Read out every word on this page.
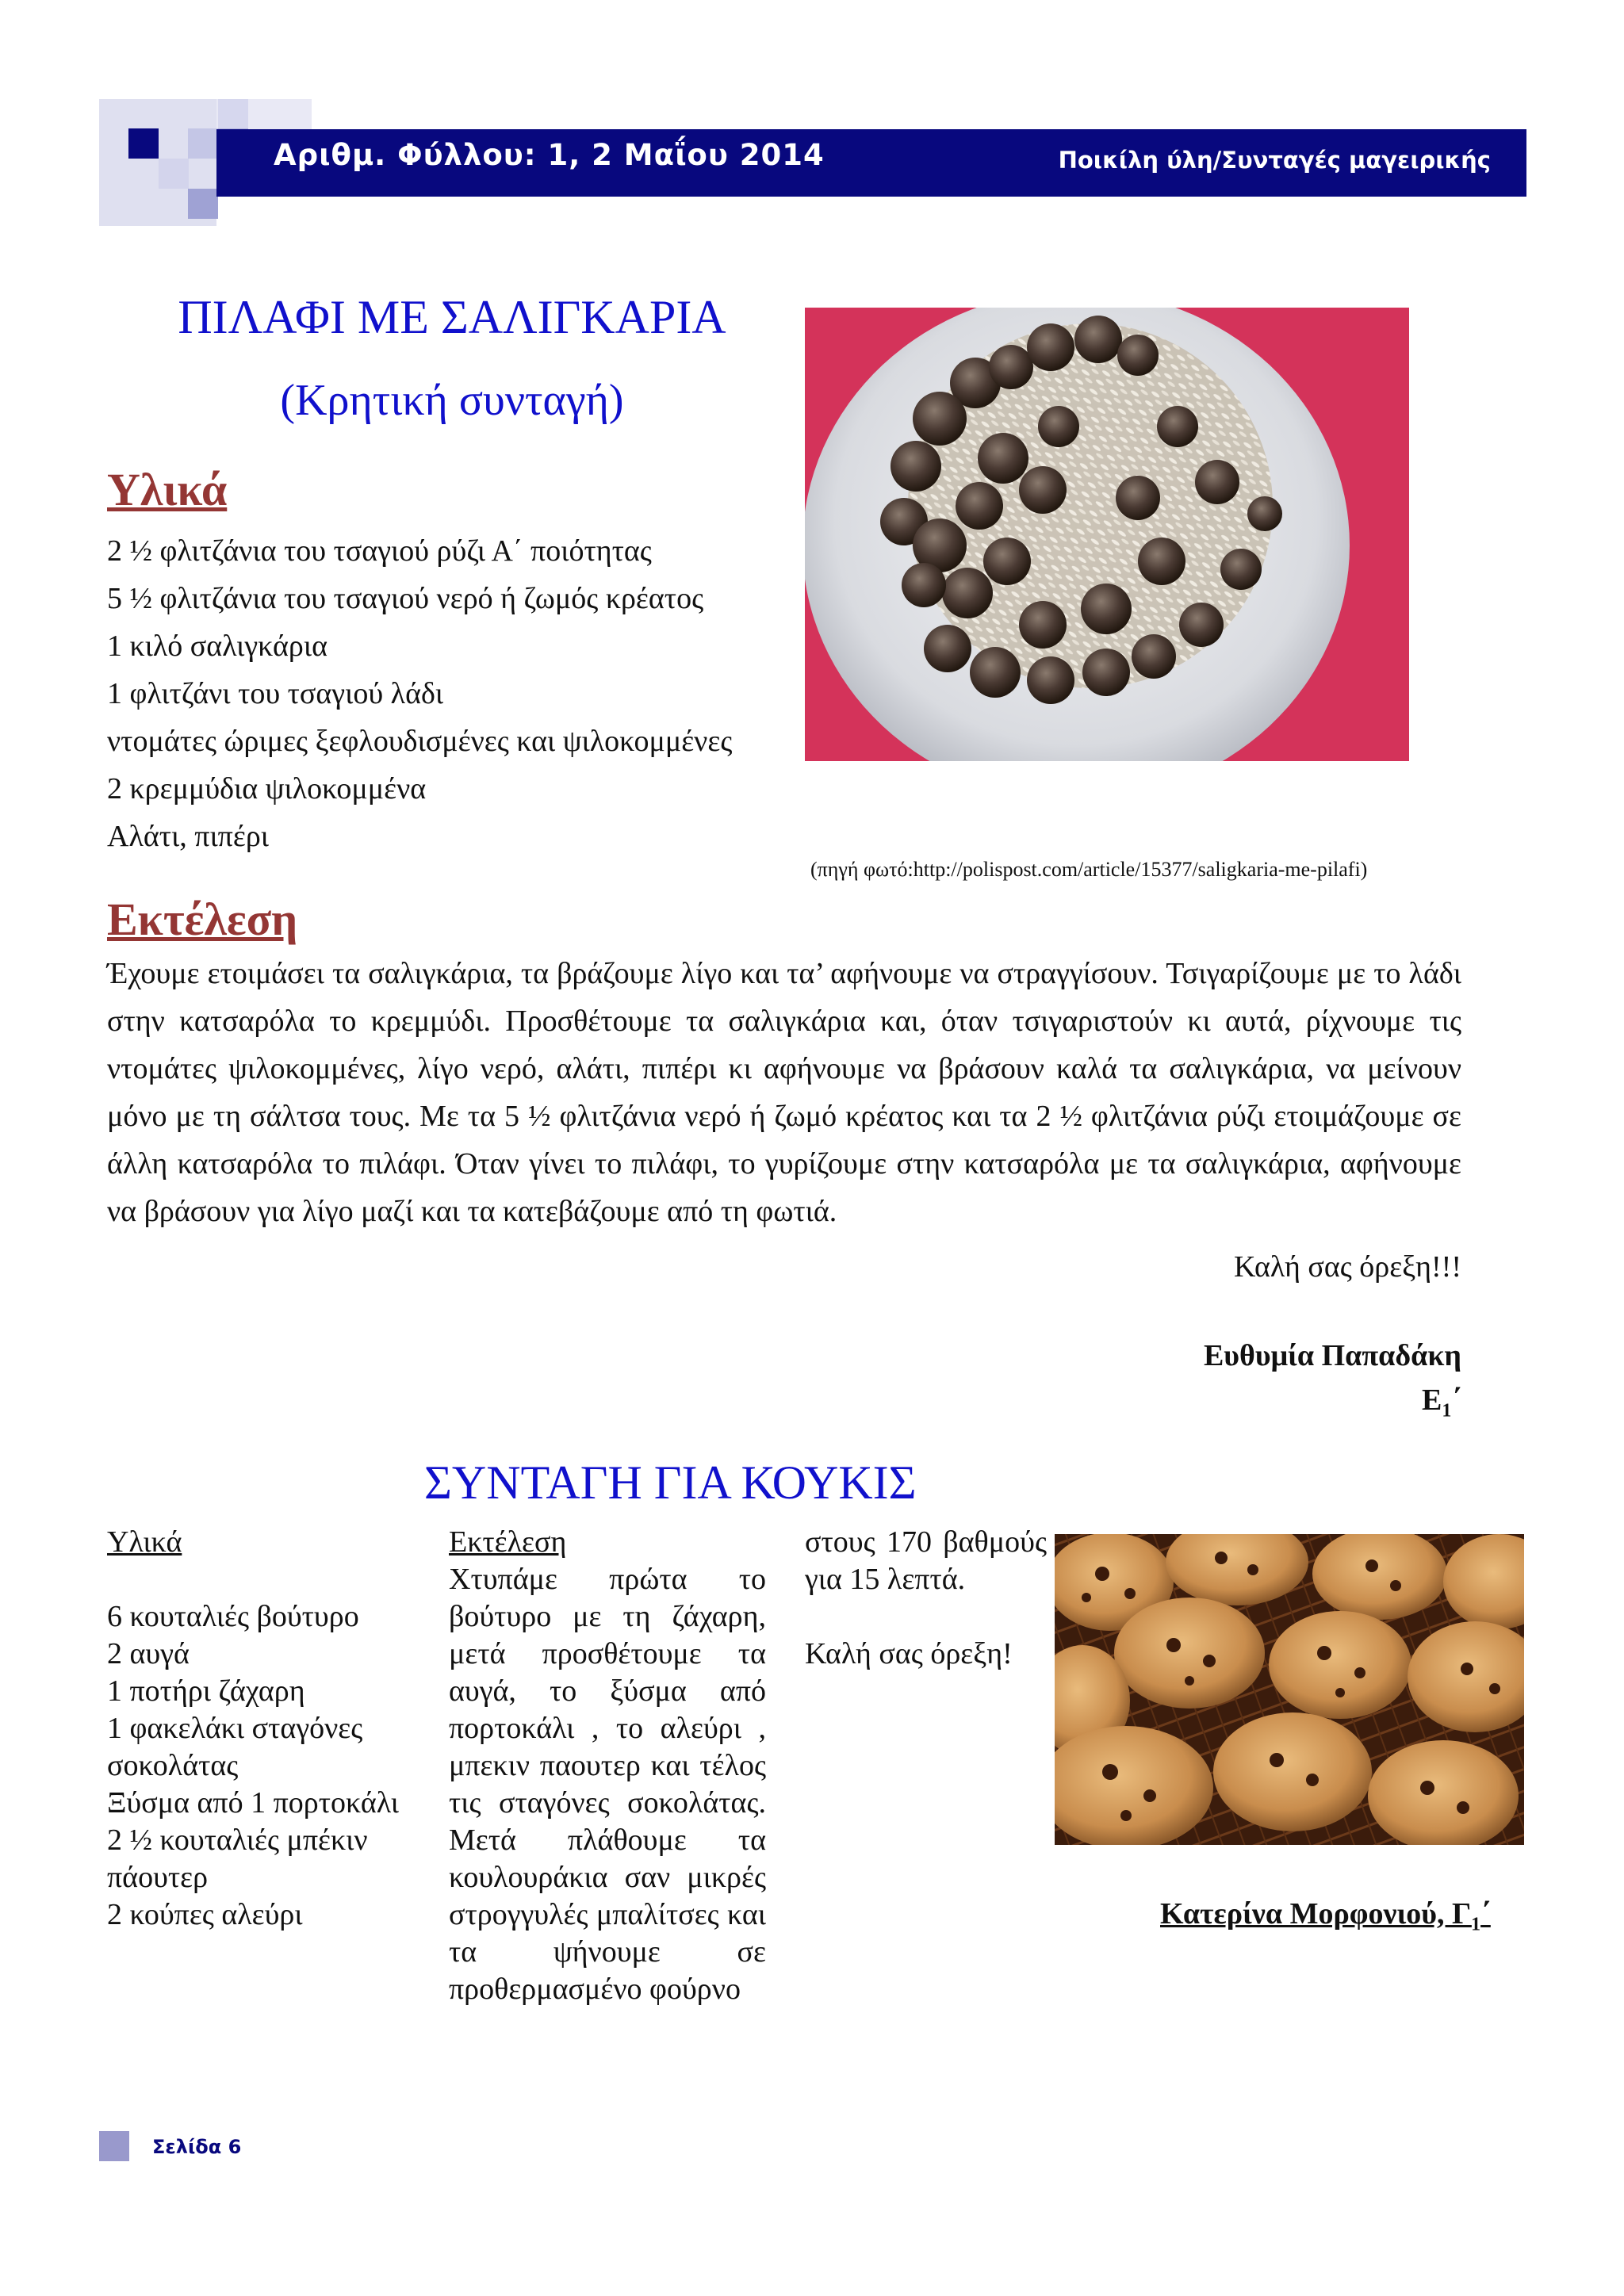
Αριθμ. Φύλλου: 1, 2 Μαΐου 2014	Ποικίλη ύλη/Συνταγές μαγειρικής
ΠΙΛΑΦΙ ΜΕ ΣΑΛΙΓΚΑΡΙΑ
(Κρητική συνταγή)
Υλικά
2 ½ φλιτζάνια του τσαγιού ρύζι Α΄ ποιότητας
5 ½ φλιτζάνια του τσαγιού νερό ή ζωμός κρέατος
1 κιλό σαλιγκάρια
1 φλιτζάνι του τσαγιού λάδι
ντομάτες ώριμες ξεφλουδισμένες και ψιλοκομμένες
2 κρεμμύδια ψιλοκομμένα
Αλάτι, πιπέρι
(πηγή φωτό:http://polispost.com/article/15377/saligkaria-me-pilafi)
Εκτέλεση
Έχουμε ετοιμάσει τα σαλιγκάρια, τα βράζουμε λίγο και τα’ αφήνουμε να στραγγίσουν. Τσιγαρίζουμε με το λάδι στην κατσαρόλα το κρεμμύδι. Προσθέτουμε τα σαλιγκάρια και, όταν τσιγαριστούν κι αυτά, ρίχνουμε τις ντομάτες ψιλοκομμένες, λίγο νερό, αλάτι, πιπέρι κι αφήνουμε να βράσουν καλά τα σαλιγκάρια, να μείνουν μόνο με τη σάλτσα τους. Με τα 5 ½ φλιτζάνια νερό ή ζωμό κρέατος και τα 2 ½ φλιτζάνια ρύζι ετοιμάζουμε σε άλλη κατσαρόλα το πιλάφι. Όταν γίνει το πιλάφι, το γυρίζουμε στην κατσαρόλα με τα σαλιγκάρια, αφήνουμε να βράσουν για λίγο μαζί και τα κατεβάζουμε από τη φωτιά.
Καλή σας όρεξη!!!
Ευθυμία Παπαδάκη
$E_1΄$
ΣΥΝΤΑΓΗ ΓΙΑ ΚΟΥΚΙΣ
Υλικά
6 κουταλιές βούτυρο
2 αυγά
1 ποτήρι ζάχαρη
1 φακελάκι σταγόνες σοκολάτας
Ξύσμα από 1 πορτοκάλι
2 ½ κουταλιές μπέκιν πάουτερ
2 κούπες αλεύρι
Εκτέλεση
Χτυπάμε πρώτα το βούτυρο με τη ζάχαρη, μετά προσθέτουμε τα αυγά, το ξύσμα από πορτοκάλι , το αλεύρι , μπεκιν παουτερ και τέλος τις σταγόνες σοκολάτας. Μετά πλάθουμε τα κουλουράκια σαν μικρές στρογγυλές μπαλίτσες και τα ψήνουμε σε προθερμασμένο φούρνο
στους 170 βαθμούς για 15 λεπτά.
Καλή σας όρεξη!
Κατερίνα Μορφονιού, $\Gamma_1΄$
Σελίδα 6
